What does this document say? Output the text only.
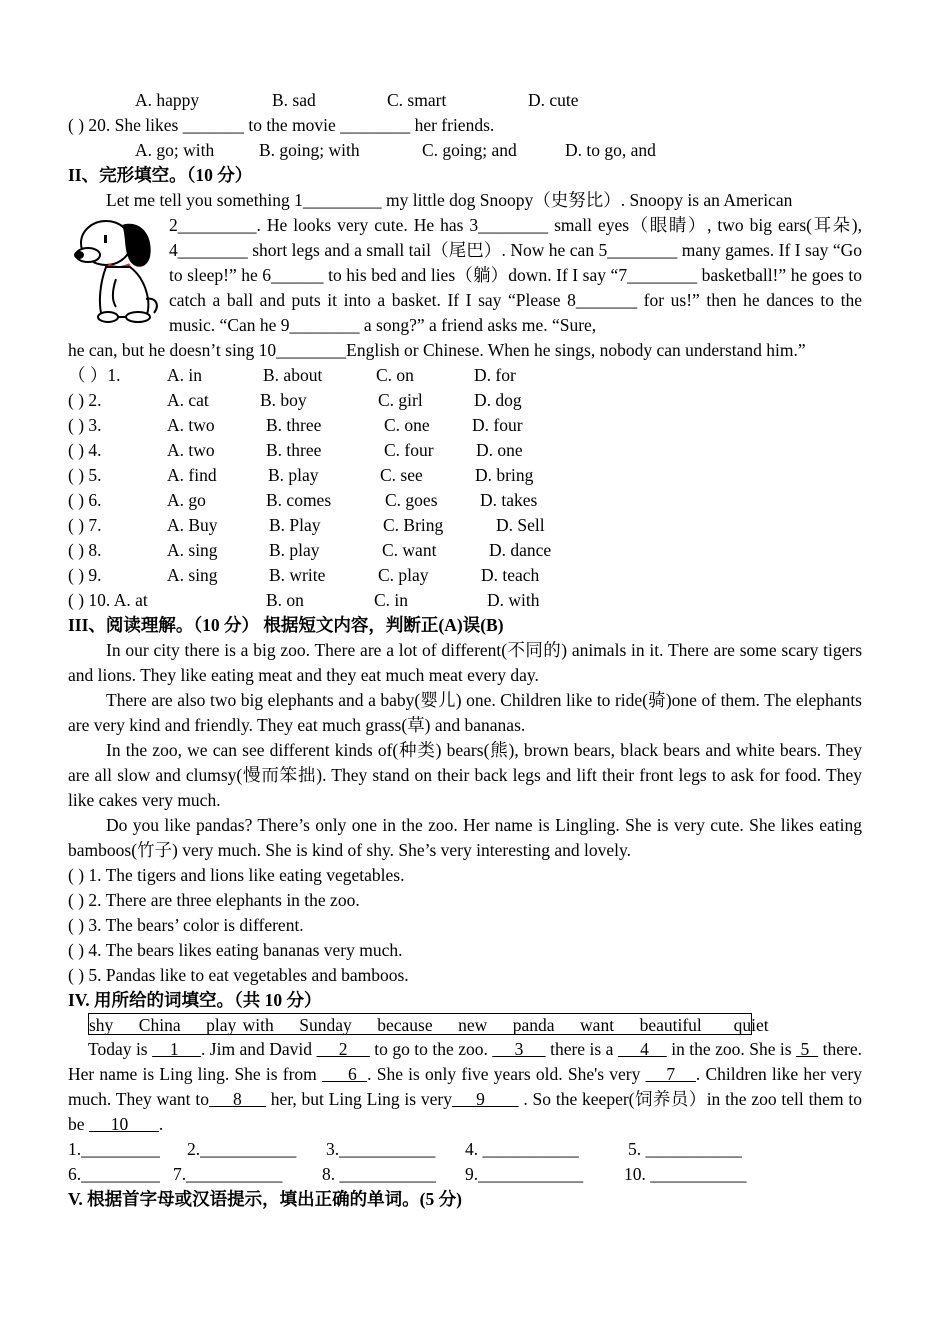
A. happy	B. sad	C. smart	D. cute
( ) 20. She likes _______ to the movie ________ her friends.
A. go; with	B. going; with	C. going; and	D. to go, and
II、完形填空。（10 分）

Let me tell you something 1_________ my little dog Snoopy（史努比）. Snoopy is an American

2_________. He looks very cute. He has 3________ small eyes（眼睛）, two big ears(耳朵), 4________ short legs and a small tail（尾巴）. Now he can 5________ many games. If I say “Go to sleep!” he 6______ to his bed and lies（躺）down. If I say “7________ basketball!” he goes to catch a ball and puts it into a basket. If I say “Please 8_______ for us!” then he dances to the music. “Can he 9________ a song?” a friend asks me. “Sure,

he can, but he doesn’t sing 10________English or Chinese. When he sings, nobody can understand him.”

（ ）1.	A. in	B. about	C. on	D. for
( ) 2.	A. cat	B. boy	C. girl	D. dog
( ) 3.	A. two	B. three	C. one D. four
( ) 4.	A. two	B. three	C. four D. one
( ) 5.	A. find	B. play	C. see	D. bring
( ) 6.	A. go	B. comes	C. goes D. takes
( ) 7.	A. Buy	B. Play	C. Bring	D. Sell
( ) 8.	A. sing	B. play	C. want	D. dance
( ) 9.	A. sing	B. write	C. play	D. teach
( ) 10. A. at	B. on	C. in	D. with
III、阅读理解。（10 分） 根据短文内容，判断正(A)误(B)

In our city there is a big zoo. There are a lot of different(不同的) animals in it. There are some scary tigers and lions. They like eating meat and they eat much meat every day.

There are also two big elephants and a baby(婴儿) one. Children like to ride(骑)one of them. The elephants are very kind and friendly. They eat much grass(草) and bananas.

In the zoo, we can see different kinds of(种类) bears(熊), brown bears, black bears and white bears. They are all slow and clumsy(慢而笨拙). They stand on their back legs and lift their front legs to ask for food. They like cakes very much.

Do you like pandas? There’s only one in the zoo. Her name is Lingling. She is very cute. She likes eating bamboos(竹子) very much. She is kind of shy. She’s very interesting and lovely.

( ) 1. The tigers and lions like eating vegetables.
( ) 2. There are three elephants in the zoo.
( ) 3. The bears’ color is different.
( ) 4. The bears likes eating bananas very much.
( ) 5. Pandas like to eat vegetables and bamboos.
IV. 用所给的词填空。（共 10 分）
shy    China    play with    Sunday    because    new    panda    want    beautiful     quiet

Today is     1     . Jim and David      2      to go to the zoo.      3      there is a      4     in the zoo. She is  5   there. Her name is Ling ling. She is from      6  . She is only five years old. She's very     7    . Children like her very much. They want to     8      her, but Ling Ling is very     9        . So the keeper(饲养员）in the zoo tell them to be      10       .

1._________ 2.___________ 3.___________ 4. ___________	5. ___________
6._________ 7.___________ 8. ___________ 9.____________ 10. ___________
V. 根据首字母或汉语提示，填出正确的单词。(5 分)
